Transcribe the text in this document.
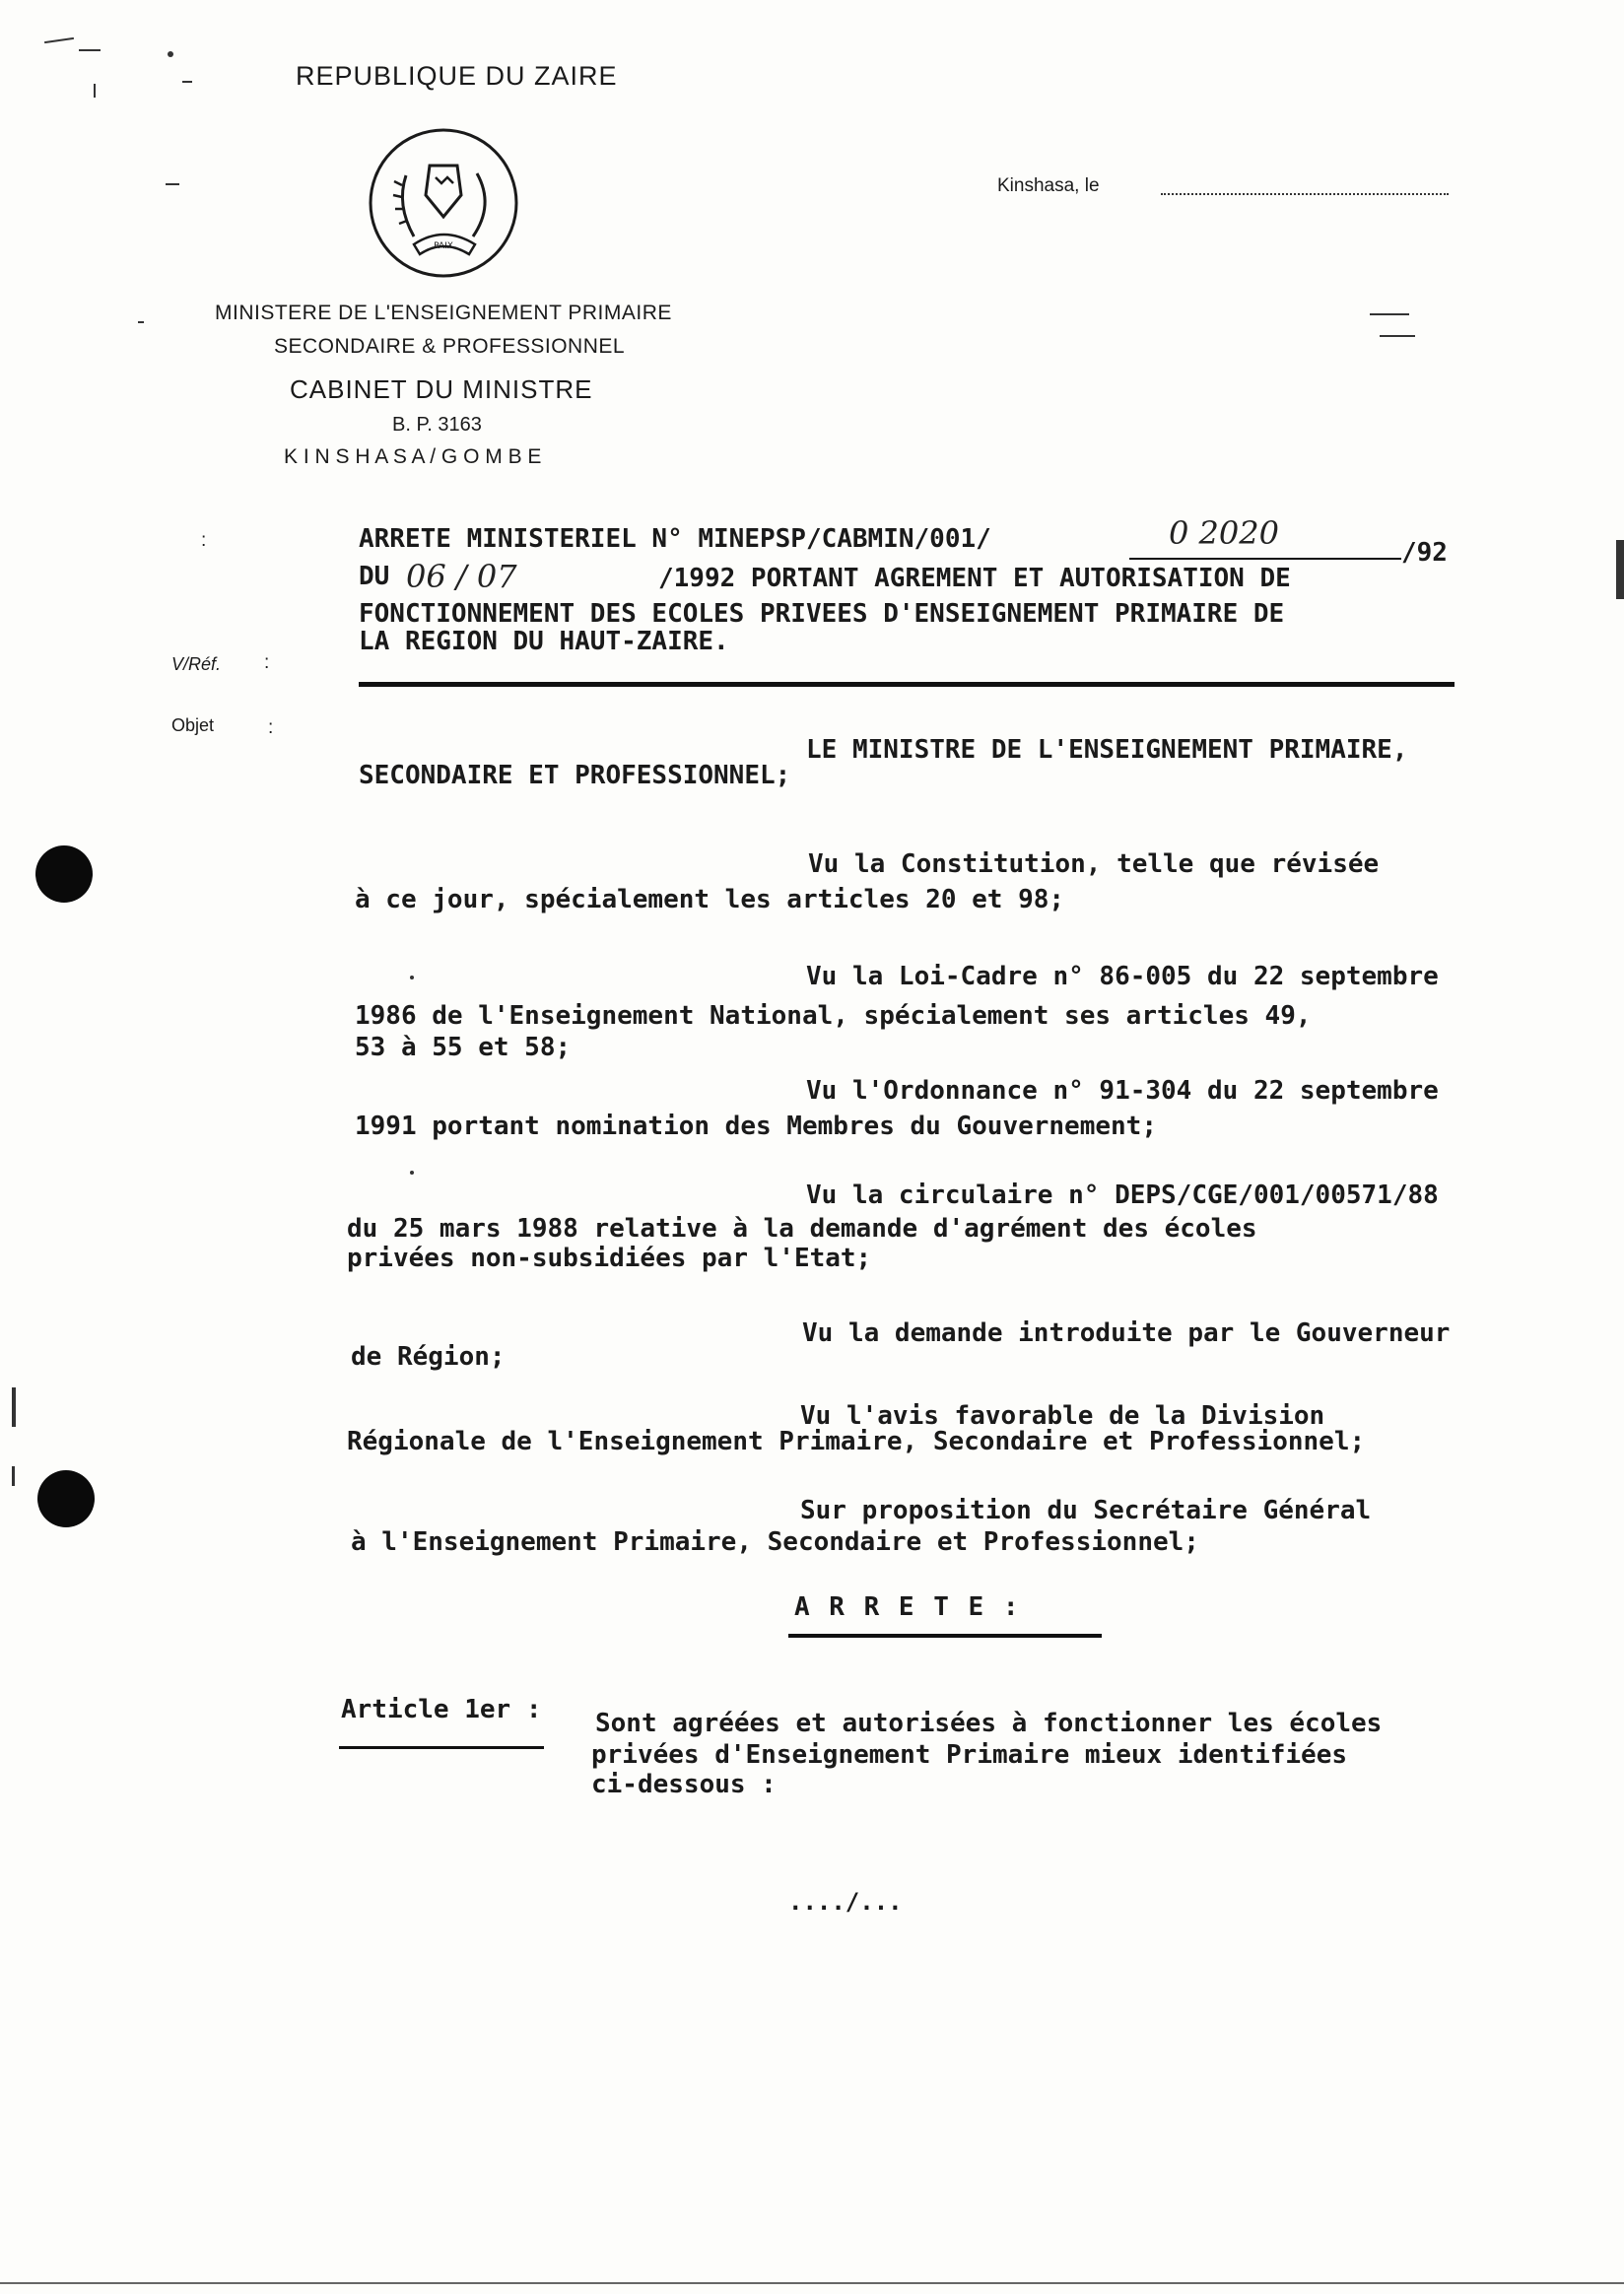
REPUBLIQUE DU ZAIRE
PAIX
MINISTERE DE L'ENSEIGNEMENT PRIMAIRE
SECONDAIRE & PROFESSIONNEL
CABINET DU MINISTRE
B. P. 3163
K I N S H A S A / G O M B E
Kinshasa, le
:
V/Réf. :
Objet	:
ARRETE MINISTERIEL N° MINEPSP/CABMIN/001/	0 2020
/92
DU 06 / 07	/1992 PORTANT AGREMENT ET AUTORISATION DE
FONCTIONNEMENT DES ECOLES PRIVEES D'ENSEIGNEMENT PRIMAIRE DE
LA REGION DU HAUT-ZAIRE.
LE MINISTRE DE L'ENSEIGNEMENT PRIMAIRE,
SECONDAIRE ET PROFESSIONNEL;
Vu la Constitution, telle que révisée
à ce jour, spécialement les articles 20 et 98;
Vu la Loi-Cadre n° 86-005 du 22 septembre
1986 de l'Enseignement National, spécialement ses articles 49,
53 à 55 et 58;
Vu l'Ordonnance n° 91-304 du 22 septembre
1991 portant nomination des Membres du Gouvernement;
Vu la circulaire n° DEPS/CGE/001/00571/88
du 25 mars 1988 relative à la demande d'agrément des écoles
privées non-subsidiées par l'Etat;
Vu la demande introduite par le Gouverneur
de Région;
Vu l'avis favorable de la Division
Régionale de l'Enseignement Primaire, Secondaire et Professionnel;
Sur proposition du Secrétaire Général
à l'Enseignement Primaire, Secondaire et Professionnel;
A R R E T E :
Article 1er : Sont agréées et autorisées à fonctionner les écoles
privées d'Enseignement Primaire mieux identifiées
ci-dessous :
..../...
